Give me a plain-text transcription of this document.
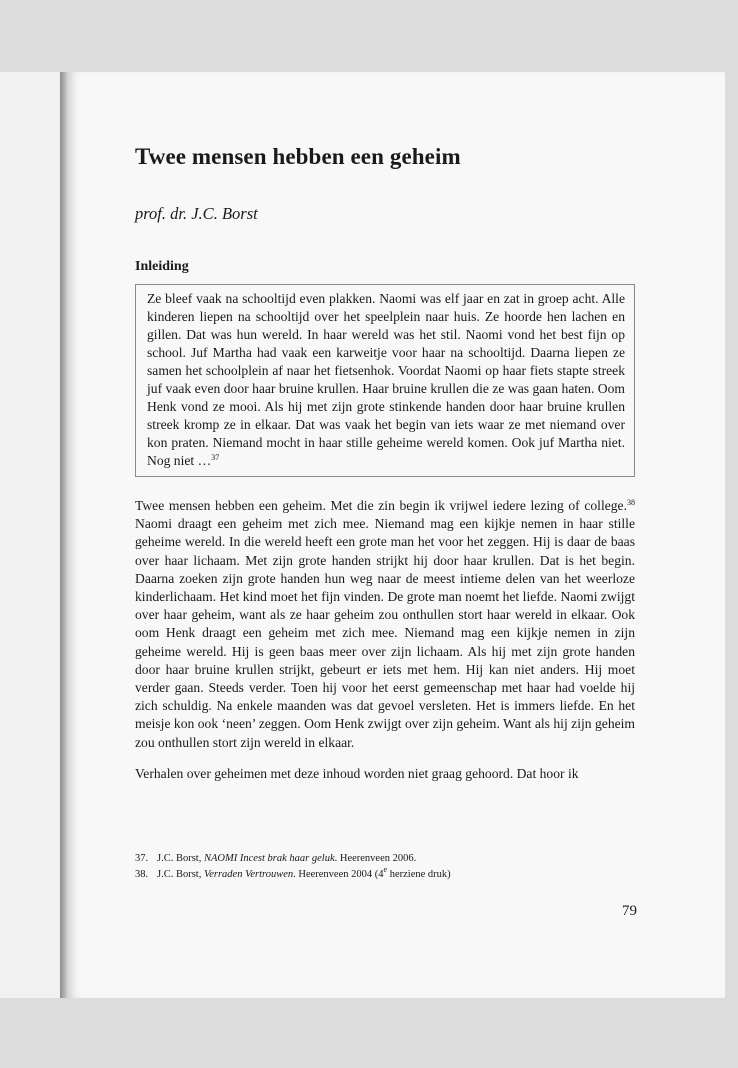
Twee mensen hebben een geheim

prof. dr. J.C. Borst

Inleiding
Ze bleef vaak na schooltijd even plakken. Naomi was elf jaar en zat in groep acht. Alle kinderen liepen na schooltijd over het speelplein naar huis. Ze hoorde hen lachen en gillen. Dat was hun wereld. In haar wereld was het stil. Naomi vond het best fijn op school. Juf Martha had vaak een karweitje voor haar na schooltijd. Daarna liepen ze samen het schoolplein af naar het fietsenhok. Voordat Naomi op haar fiets stapte streek juf vaak even door haar bruine krullen. Haar bruine krullen die ze was gaan haten. Oom Henk vond ze mooi. Als hij met zijn grote stinkende handen door haar bruine krullen streek kromp ze in elkaar. Dat was vaak het begin van iets waar ze met niemand over kon praten. Niemand mocht in haar stille geheime wereld komen. Ook juf Martha niet. Nog niet …$^{37}$

Twee mensen hebben een geheim. Met die zin begin ik vrijwel iedere lezing of college.$^{38}$ Naomi draagt een geheim met zich mee. Niemand mag een kijkje nemen in haar stille geheime wereld. In die wereld heeft een grote man het voor het zeggen. Hij is daar de baas over haar lichaam. Met zijn grote handen strijkt hij door haar krullen. Dat is het begin. Daarna zoeken zijn grote handen hun weg naar de meest intieme delen van het weerloze kinderlichaam. Het kind moet het fijn vinden. De grote man noemt het liefde. Naomi zwijgt over haar geheim, want als ze haar geheim zou onthullen stort haar wereld in elkaar. Ook oom Henk draagt een geheim met zich mee. Niemand mag een kijkje nemen in zijn geheime wereld. Hij is geen baas meer over zijn lichaam. Als hij met zijn grote handen door haar bruine krullen strijkt, gebeurt er iets met hem. Hij kan niet anders. Hij moet verder gaan. Steeds verder. Toen hij voor het eerst gemeenschap met haar had voelde hij zich schuldig. Na enkele maanden was dat gevoel versleten. Het is immers liefde. En het meisje kon ook ‘neen’ zeggen. Oom Henk zwijgt over zijn geheim. Want als hij zijn geheim zou onthullen stort zijn wereld in elkaar.

Verhalen over geheimen met deze inhoud worden niet graag gehoord. Dat hoor ik

37. J.C. Borst, NAOMI Incest brak haar geluk. Heerenveen 2006.

38. J.C. Borst, Verraden Vertrouwen. Heerenveen 2004 (4e herziene druk)

79
